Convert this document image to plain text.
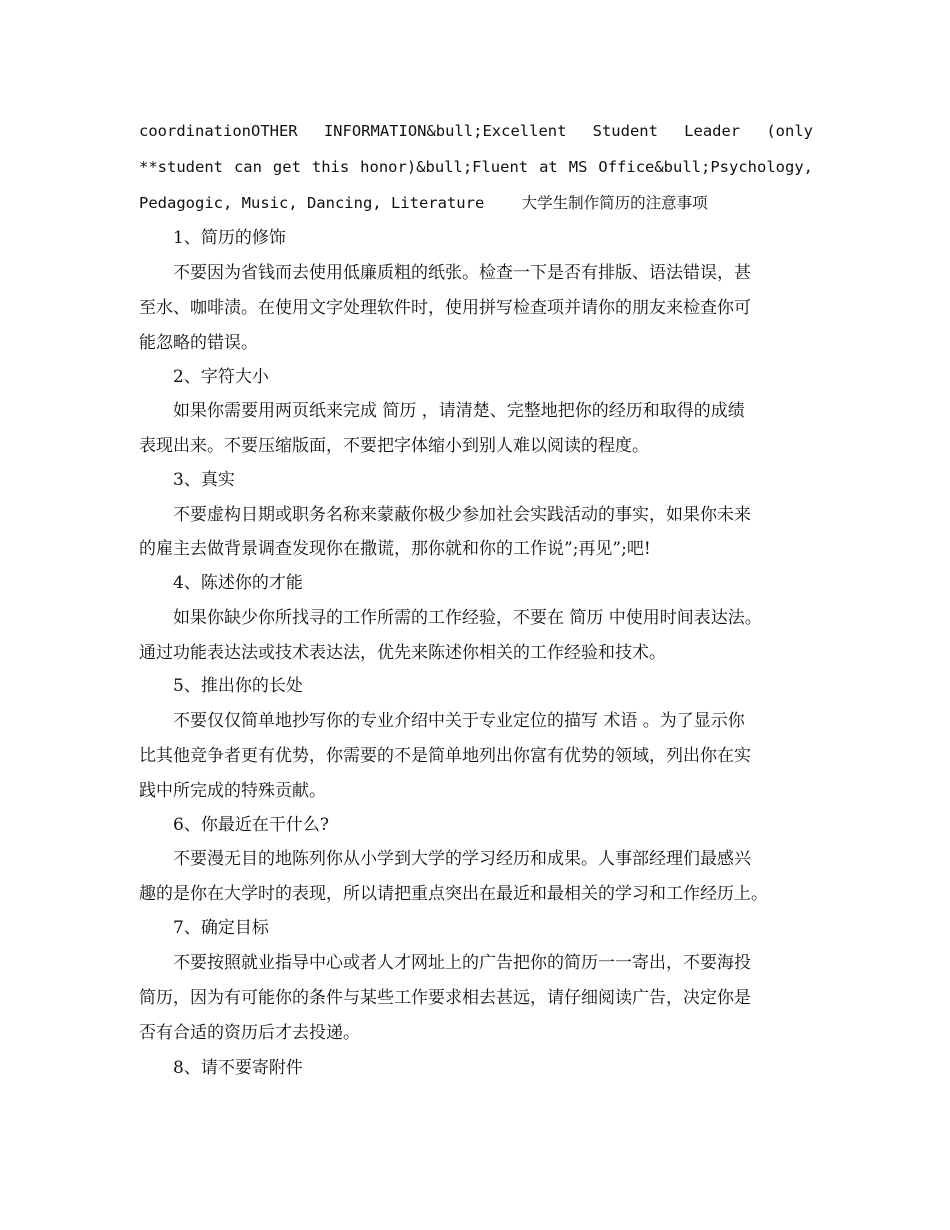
coordinationOTHER INFORMATION&bull;Excellent Student Leader (only
**student can get this honor)&bull;Fluent at MS Office&bull;Psychology,
Pedagogic, Music, Dancing, Literature    大学生制作简历的注意事项
1、简历的修饰
不要因为省钱而去使用低廉质粗的纸张。检查一下是否有排版、语法错误，甚
至水、咖啡渍。在使用文字处理软件时，使用拼写检查项并请你的朋友来检查你可
能忽略的错误。
2、字符大小
如果你需要用两页纸来完成 简历 ，请清楚、完整地把你的经历和取得的成绩
表现出来。不要压缩版面，不要把字体缩小到别人难以阅读的程度。
3、真实
不要虚构日期或职务名称来蒙蔽你极少参加社会实践活动的事实，如果你未来
的雇主去做背景调查发现你在撒谎，那你就和你的工作说”;再见”;吧!
4、陈述你的才能
如果你缺少你所找寻的工作所需的工作经验，不要在 简历 中使用时间表达法。
通过功能表达法或技术表达法，优先来陈述你相关的工作经验和技术。
5、推出你的长处
不要仅仅简单地抄写你的专业介绍中关于专业定位的描写 术语 。为了显示你
比其他竞争者更有优势，你需要的不是简单地列出你富有优势的领域，列出你在实
践中所完成的特殊贡献。
6、你最近在干什么?
不要漫无目的地陈列你从小学到大学的学习经历和成果。人事部经理们最感兴
趣的是你在大学时的表现，所以请把重点突出在最近和最相关的学习和工作经历上。
7、确定目标
不要按照就业指导中心或者人才网址上的广告把你的简历一一寄出，不要海投
简历，因为有可能你的条件与某些工作要求相去甚远，请仔细阅读广告，决定你是
否有合适的资历后才去投递。
8、请不要寄附件
